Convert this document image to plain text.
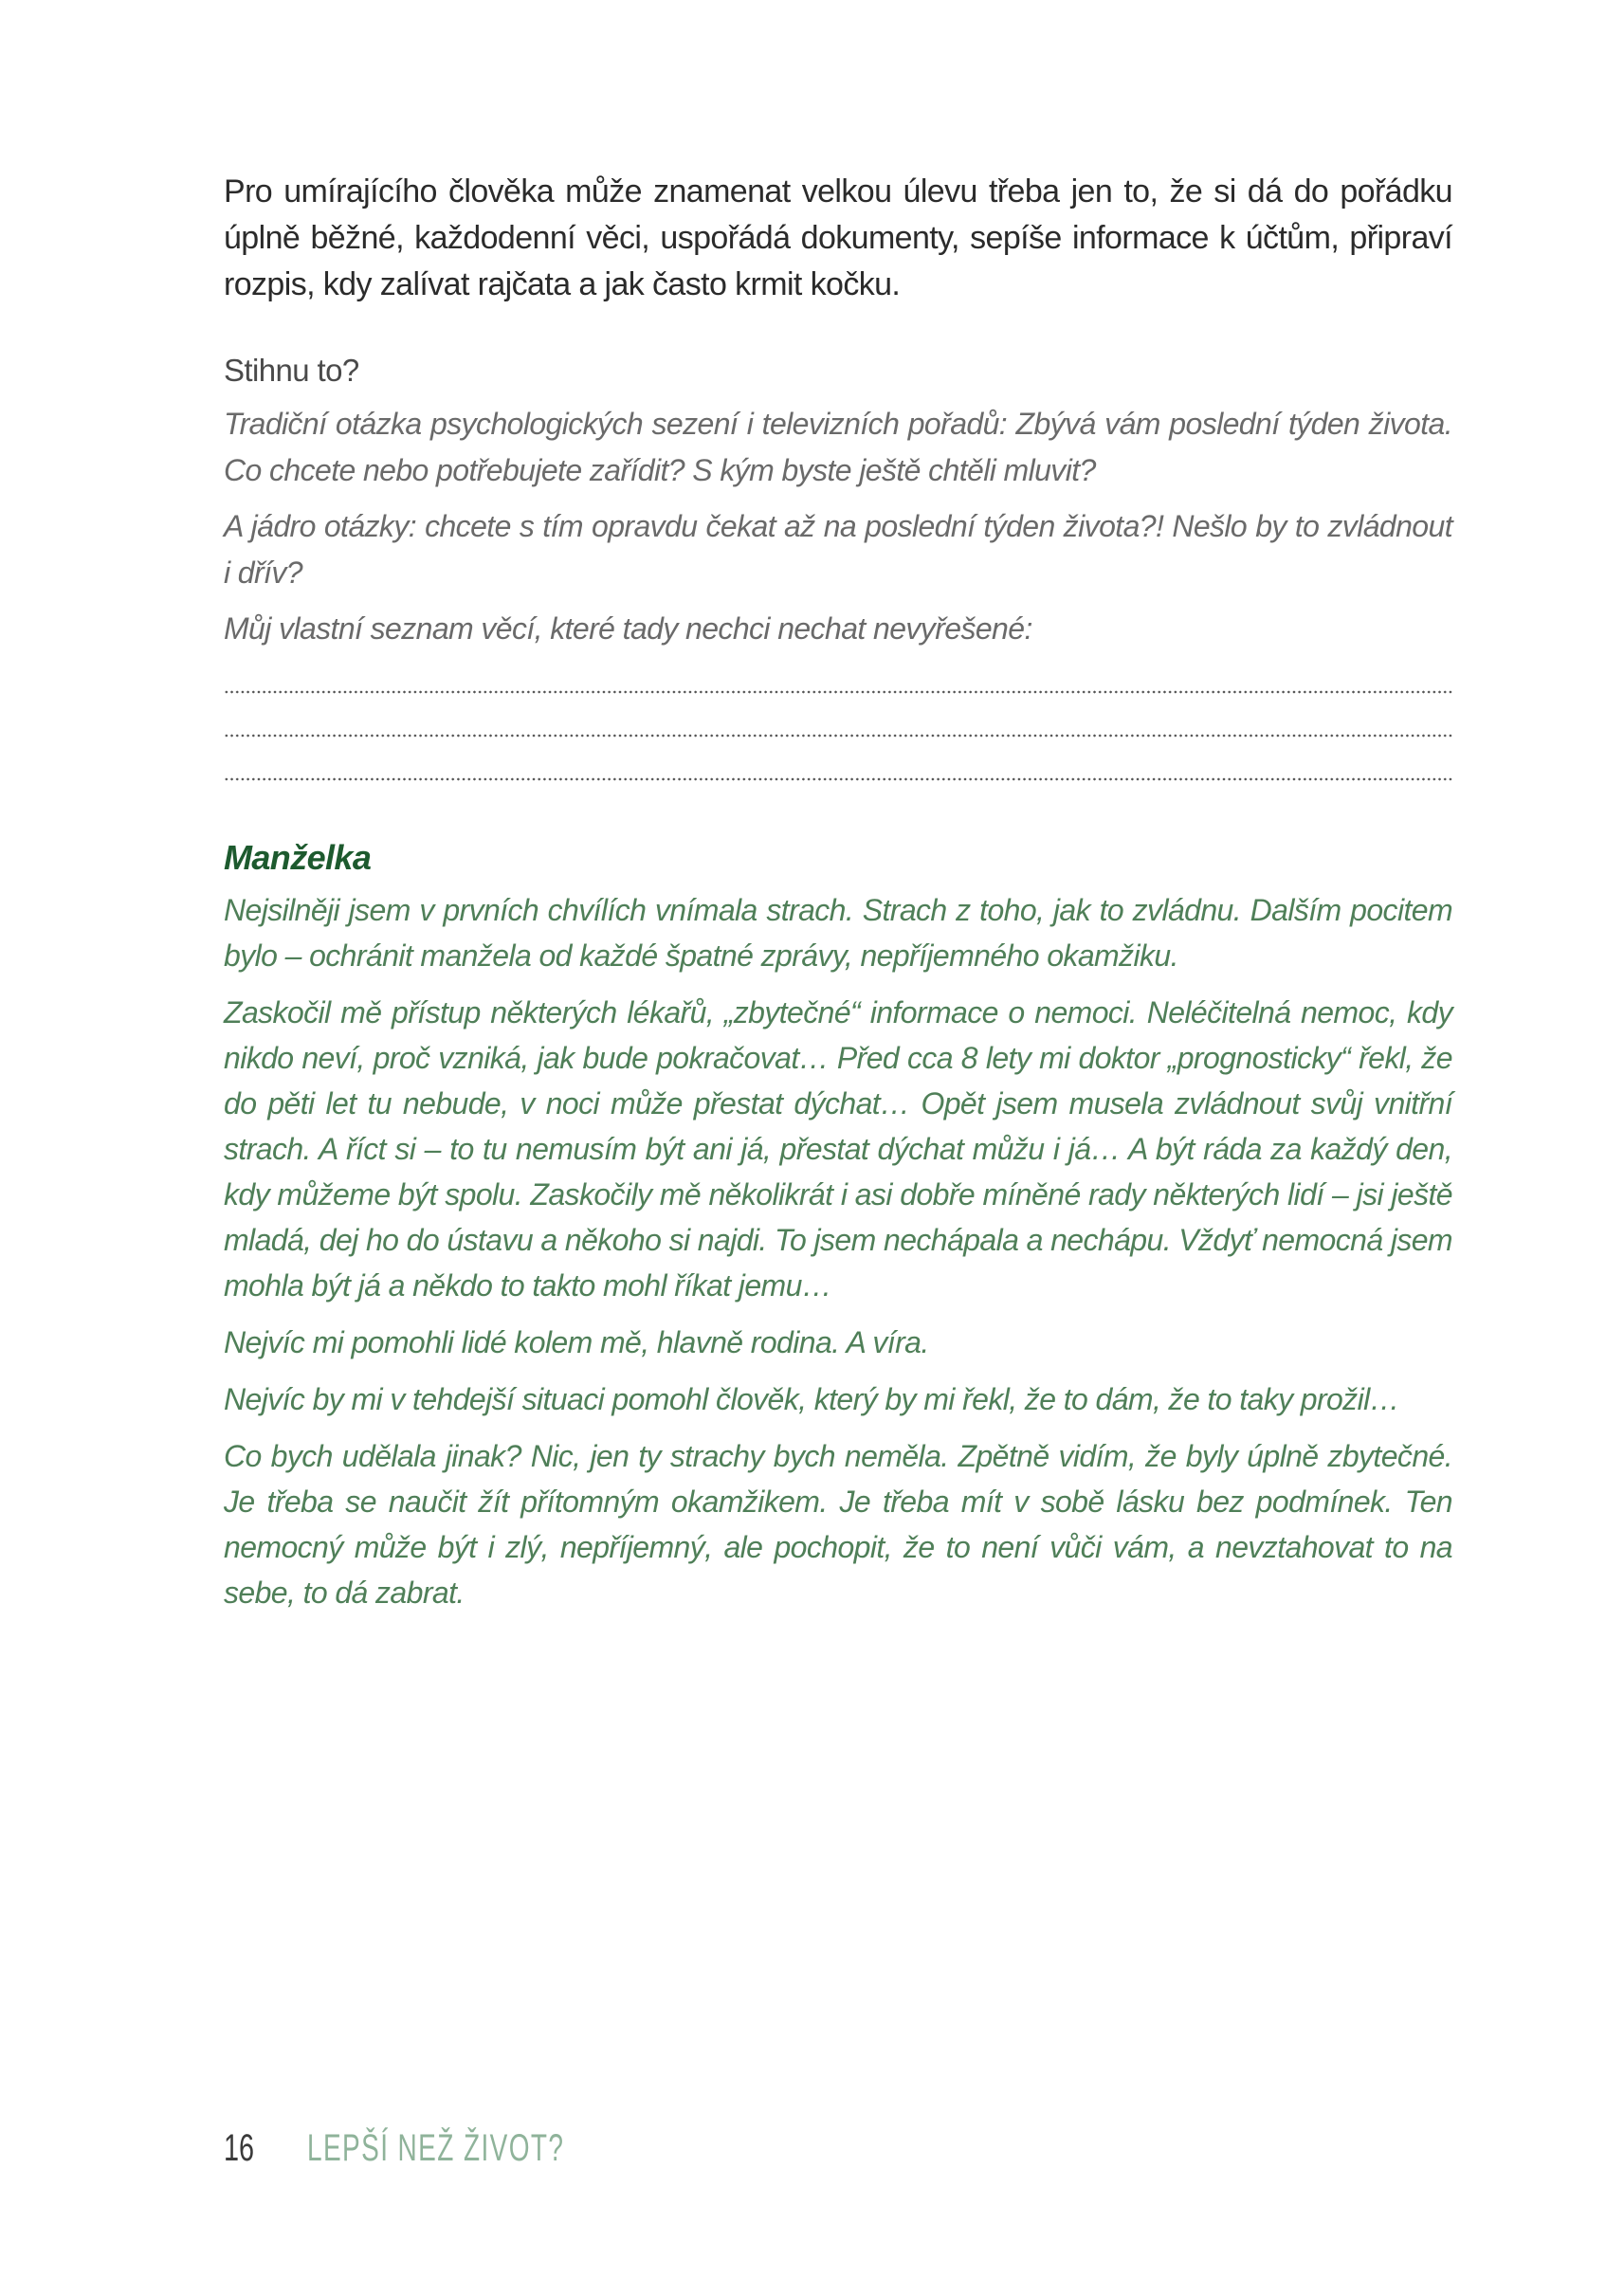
Pro umírajícího člověka může znamenat velkou úlevu třeba jen to, že si dá do pořádku úplně běžné, každodenní věci, uspořádá dokumenty, sepíše informace k účtům, připraví rozpis, kdy zalívat rajčata a jak často krmit kočku.

Stihnu to?

Tradiční otázka psychologických sezení i televizních pořadů: Zbývá vám poslední týden života. Co chcete nebo potřebujete zařídit? S kým byste ještě chtěli mluvit?

A jádro otázky: chcete s tím opravdu čekat až na poslední týden života?! Nešlo by to zvládnout i dřív?

Můj vlastní seznam věcí, které tady nechci nechat nevyřešené:

Manželka

Nejsilněji jsem v prvních chvílích vnímala strach. Strach z toho, jak to zvládnu. Dalším pocitem bylo – ochránit manžela od každé špatné zprávy, nepříjemného okamžiku.

Zaskočil mě přístup některých lékařů, „zbytečné“ informace o nemoci. Neléčitelná nemoc, kdy nikdo neví, proč vzniká, jak bude pokračovat… Před cca 8 lety mi doktor „prognosticky“ řekl, že do pěti let tu nebude, v noci může přestat dýchat… Opět jsem musela zvládnout svůj vnitřní strach. A říct si – to tu nemusím být ani já, přestat dýchat můžu i já… A být ráda za každý den, kdy můžeme být spolu. Zaskočily mě několikrát i asi dobře míněné rady některých lidí – jsi ještě mladá, dej ho do ústavu a někoho si najdi. To jsem nechápala a nechápu. Vždyť nemocná jsem mohla být já a někdo to takto mohl říkat jemu…

Nejvíc mi pomohli lidé kolem mě, hlavně rodina. A víra.

Nejvíc by mi v tehdejší situaci pomohl člověk, který by mi řekl, že to dám, že to taky prožil…

Co bych udělala jinak? Nic, jen ty strachy bych neměla. Zpětně vidím, že byly úplně zbytečné. Je třeba se naučit žít přítomným okamžikem. Je třeba mít v sobě lásku bez podmínek. Ten nemocný může být i zlý, nepříjemný, ale pochopit, že to není vůči vám, a nevztahovat to na sebe, to dá zabrat.

16 LEPŠÍ NEŽ ŽIVOT?
